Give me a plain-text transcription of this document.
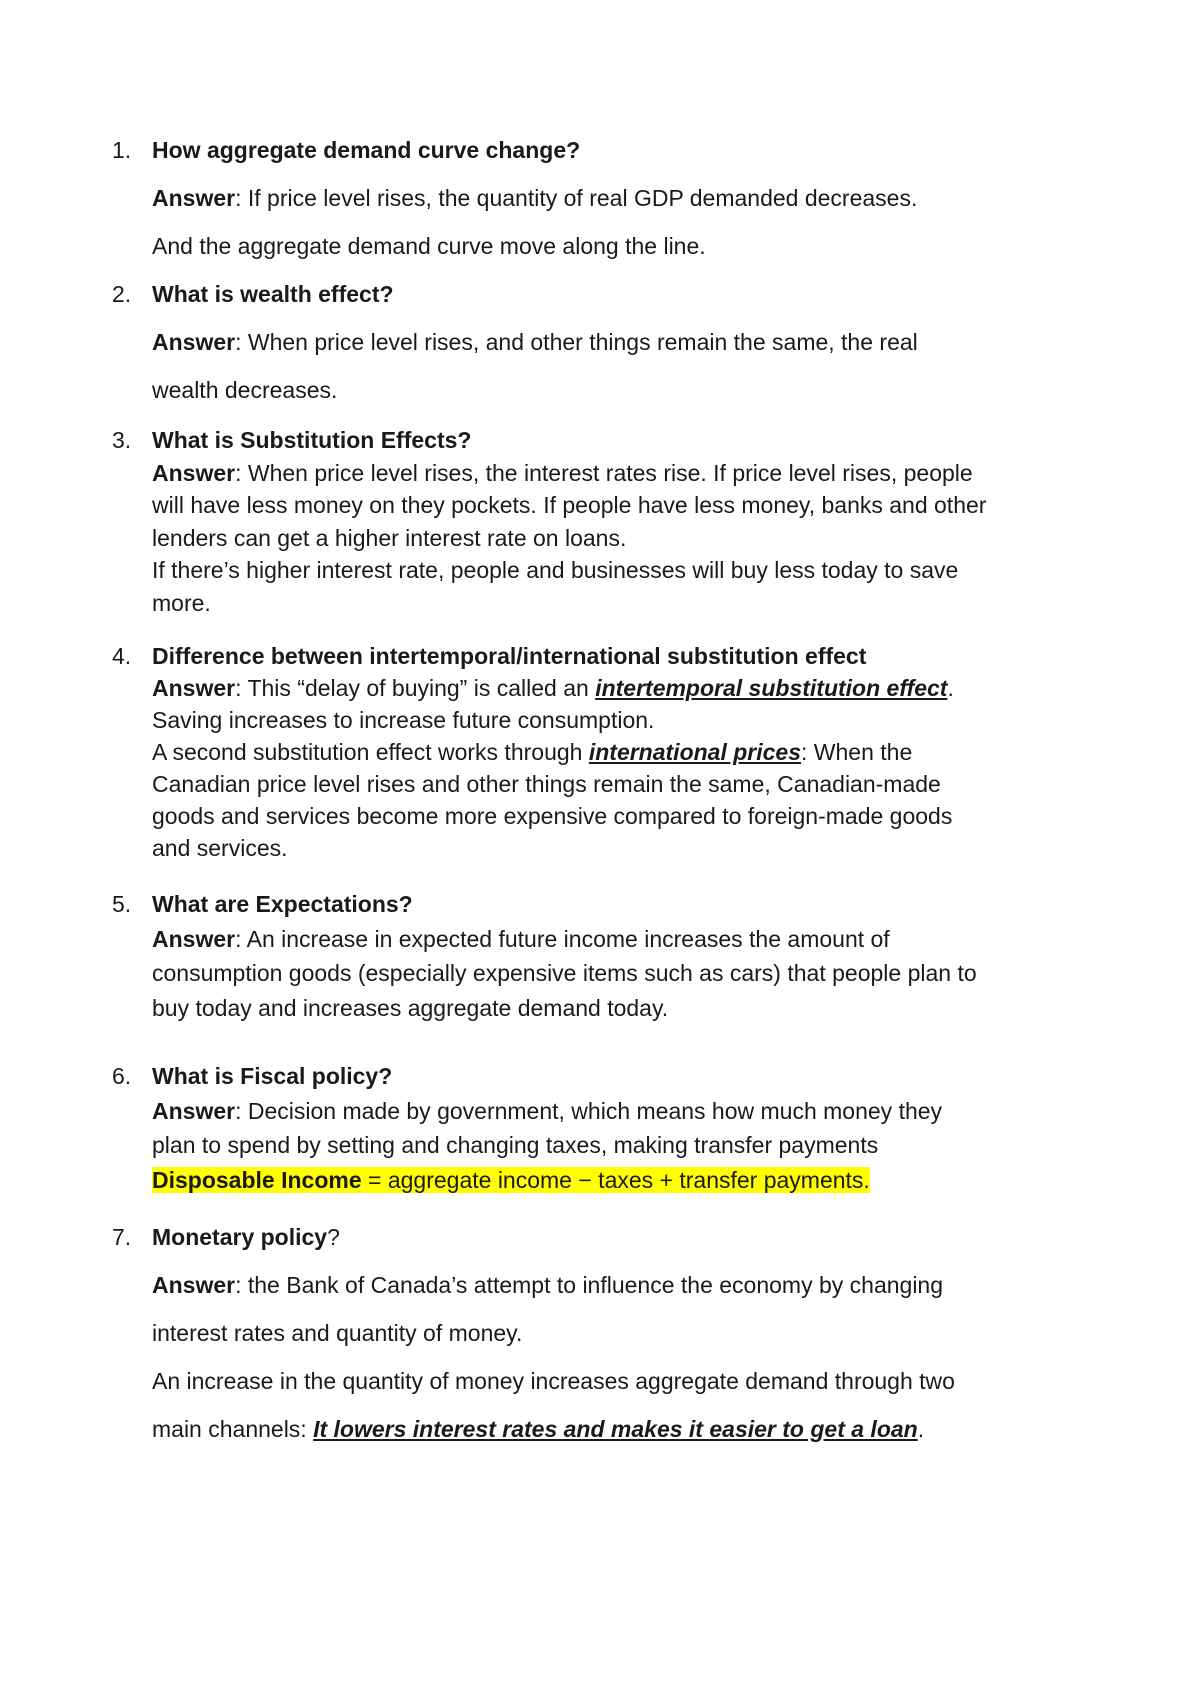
1. How aggregate demand curve change?
Answer: If price level rises, the quantity of real GDP demanded decreases.
And the aggregate demand curve move along the line.
2. What is wealth effect?
Answer: When price level rises, and other things remain the same, the real
wealth decreases.
3. What is Substitution Effects?
Answer: When price level rises, the interest rates rise. If price level rises, people
will have less money on they pockets. If people have less money, banks and other
lenders can get a higher interest rate on loans.
If there’s higher interest rate, people and businesses will buy less today to save
more.
4. Difference between intertemporal/international substitution effect
Answer: This “delay of buying” is called an intertemporal substitution effect.
Saving increases to increase future consumption.
A second substitution effect works through international prices: When the
Canadian price level rises and other things remain the same, Canadian-made
goods and services become more expensive compared to foreign-made goods
and services.
5. What are Expectations?
Answer: An increase in expected future income increases the amount of
consumption goods (especially expensive items such as cars) that people plan to
buy today and increases aggregate demand today.
6. What is Fiscal policy?
Answer: Decision made by government, which means how much money they
plan to spend by setting and changing taxes, making transfer payments
Disposable Income = aggregate income − taxes + transfer payments.
7. Monetary policy?
Answer: the Bank of Canada’s attempt to influence the economy by changing
interest rates and quantity of money.
An increase in the quantity of money increases aggregate demand through two
main channels: It lowers interest rates and makes it easier to get a loan.
